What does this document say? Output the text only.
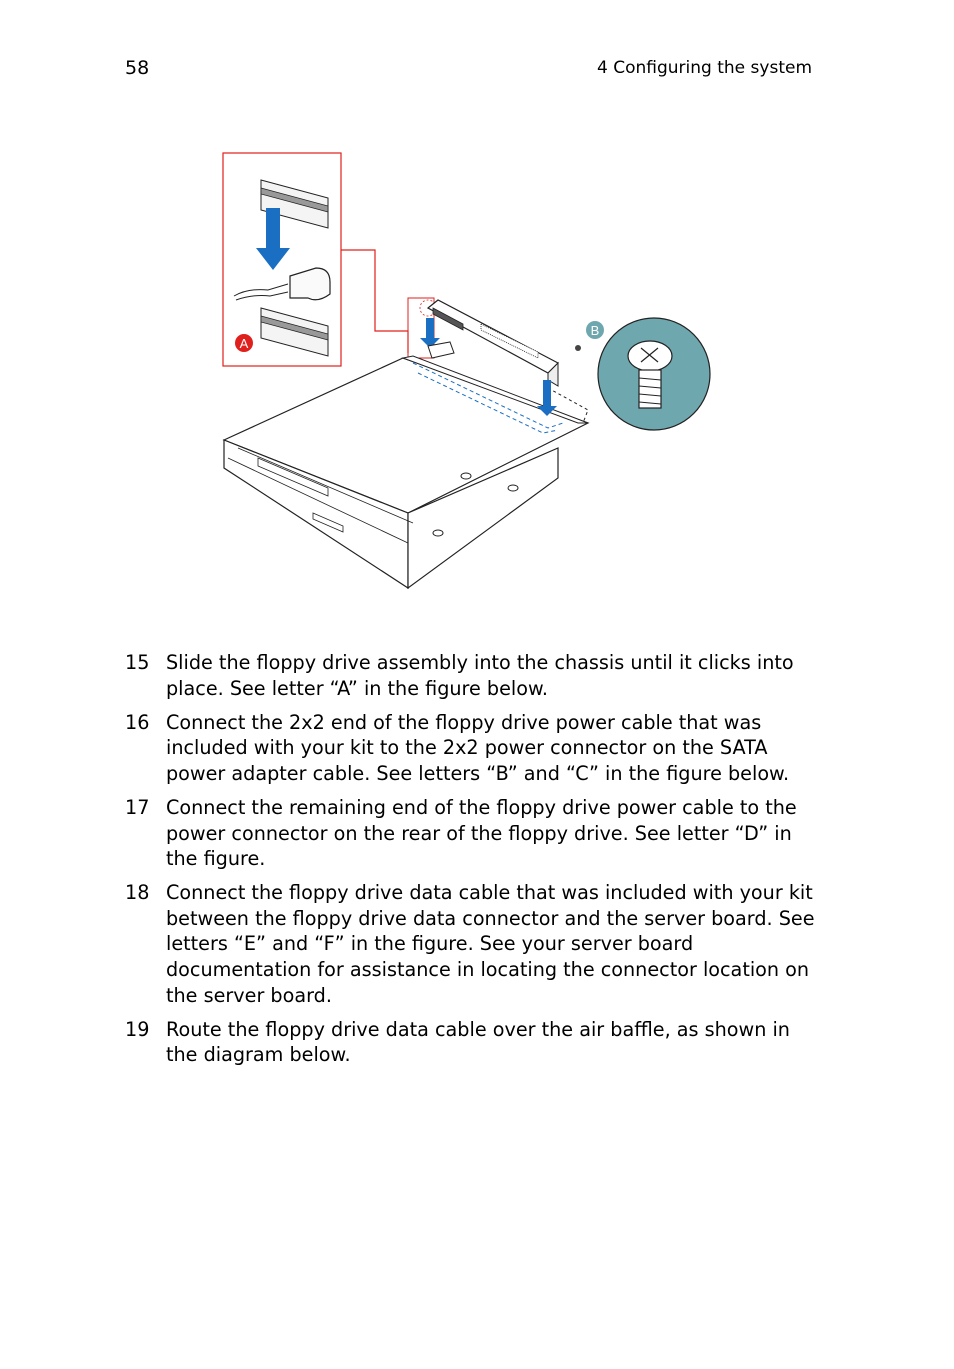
58	4 Configuring the system
A
B
15 Slide the floppy drive assembly into the chassis until it clicks into place. See letter “A” in the figure below.
16 Connect the 2x2 end of the floppy drive power cable that was included with your kit to the 2x2 power connector on the SATA power adapter cable. See letters “B” and “C” in the figure below.
17 Connect the remaining end of the floppy drive power cable to the power connector on the rear of the floppy drive. See letter “D” in the figure.
18 Connect the floppy drive data cable that was included with your kit between the floppy drive data connector and the server board. See letters “E” and “F” in the figure. See your server board documentation for assistance in locating the connector location on the server board.
19 Route the floppy drive data cable over the air baffle, as shown in the diagram below.
